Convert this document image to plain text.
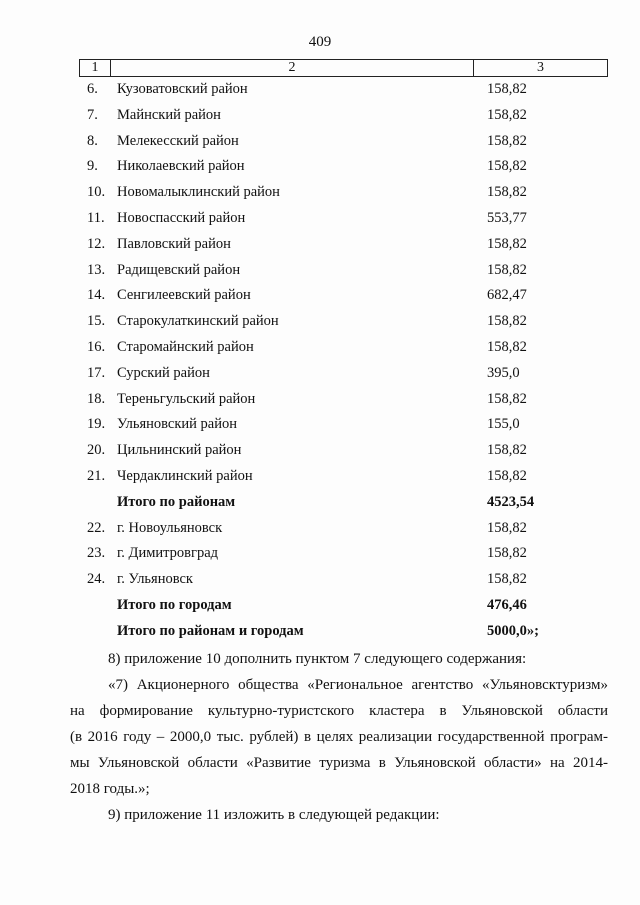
409
1	2	3
6. Кузоватовский район	158,82
7. Майнский район	158,82
8. Мелекесский район	158,82
9. Николаевский район	158,82
10. Новомалыклинский район	158,82
11. Новоспасский район	553,77
12. Павловский район	158,82
13. Радищевский район	158,82
14. Сенгилеевский район	682,47
15. Старокулаткинский район	158,82
16. Старомайнский район	158,82
17. Сурский район	395,0
18. Тереньгульский район	158,82
19. Ульяновский район	155,0
20. Цильнинский район	158,82
21. Чердаклинский район	158,82
Итого по районам	4523,54
22. г. Новоульяновск	158,82
23. г. Димитровград	158,82
24. г. Ульяновск	158,82
Итого по городам	476,46
Итого по районам и городам	5000,0»;
8) приложение 10 дополнить пунктом 7 следующего содержания:
«7) Акционерного общества «Региональное агентство «Ульяновсктуризм»
на формирование культурно-туристского кластера в Ульяновской области
(в 2016 году – 2000,0 тыс. рублей) в целях реализации государственной програм-
мы Ульяновской области «Развитие туризма в Ульяновской области» на 2014-
2018 годы.»;
9) приложение 11 изложить в следующей редакции:
